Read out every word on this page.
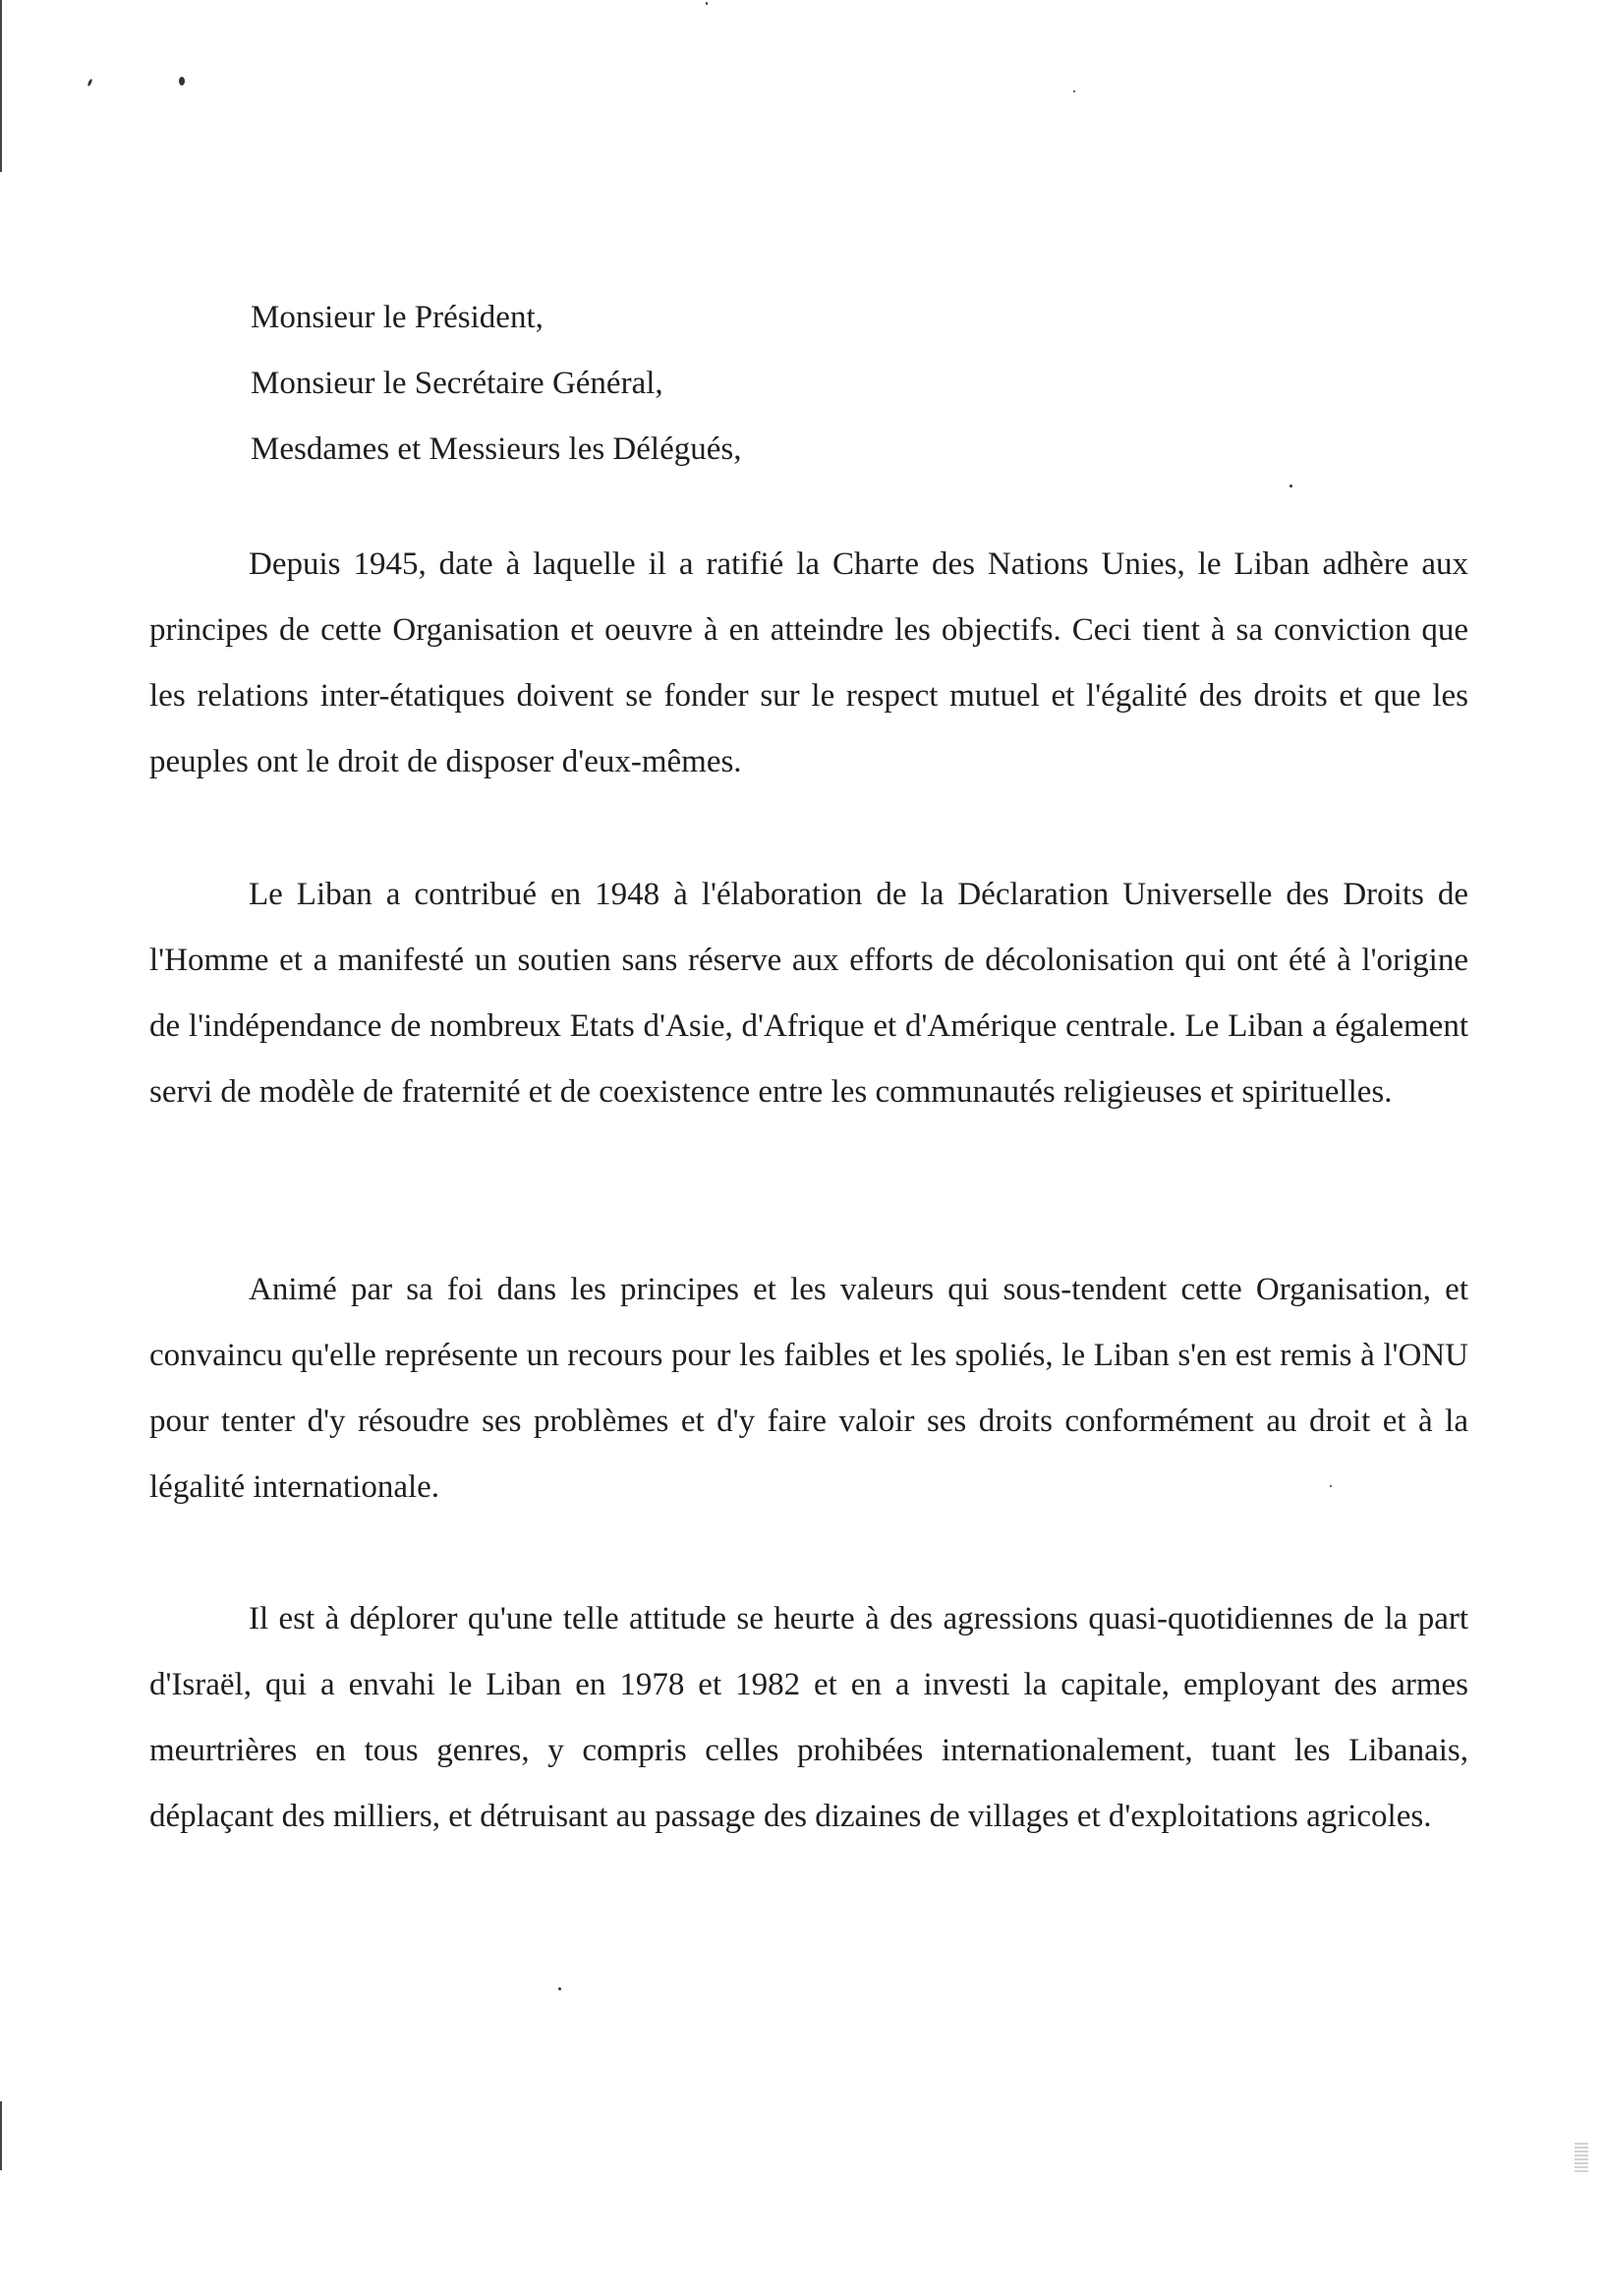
Monsieur le Président,
Monsieur le Secrétaire Général,
Mesdames et Messieurs les Délégués,

Depuis 1945, date à laquelle il a ratifié la Charte des Nations Unies, le Liban adhère aux principes de cette Organisation et oeuvre à en atteindre les objectifs. Ceci tient à sa conviction que les relations inter-étatiques doivent se fonder sur le respect mutuel et l'égalité des droits et que les peuples ont le droit de disposer d'eux-mêmes.

Le Liban a contribué en 1948 à l'élaboration de la Déclaration Universelle des Droits de l'Homme et a manifesté un soutien sans réserve aux efforts de décolonisation qui ont été à l'origine de l'indépendance de nombreux Etats d'Asie, d'Afrique et d'Amérique centrale. Le Liban a également servi de modèle de fraternité et de coexistence entre les communautés religieuses et spirituelles.

Animé par sa foi dans les principes et les valeurs qui sous-tendent cette Organisation, et convaincu qu'elle représente un recours pour les faibles et les spoliés, le Liban s'en est remis à l'ONU pour tenter d'y résoudre ses problèmes et d'y faire valoir ses droits conformément au droit et à la légalité internationale.

Il est à déplorer qu'une telle attitude se heurte à des agressions quasi-quotidiennes de la part d'Israël, qui a envahi le Liban en 1978 et 1982 et en a investi la capitale, employant des armes meurtrières en tous genres, y compris celles prohibées internationalement, tuant les Libanais, déplaçant des milliers, et détruisant au passage des dizaines de villages et d'exploitations agricoles.
